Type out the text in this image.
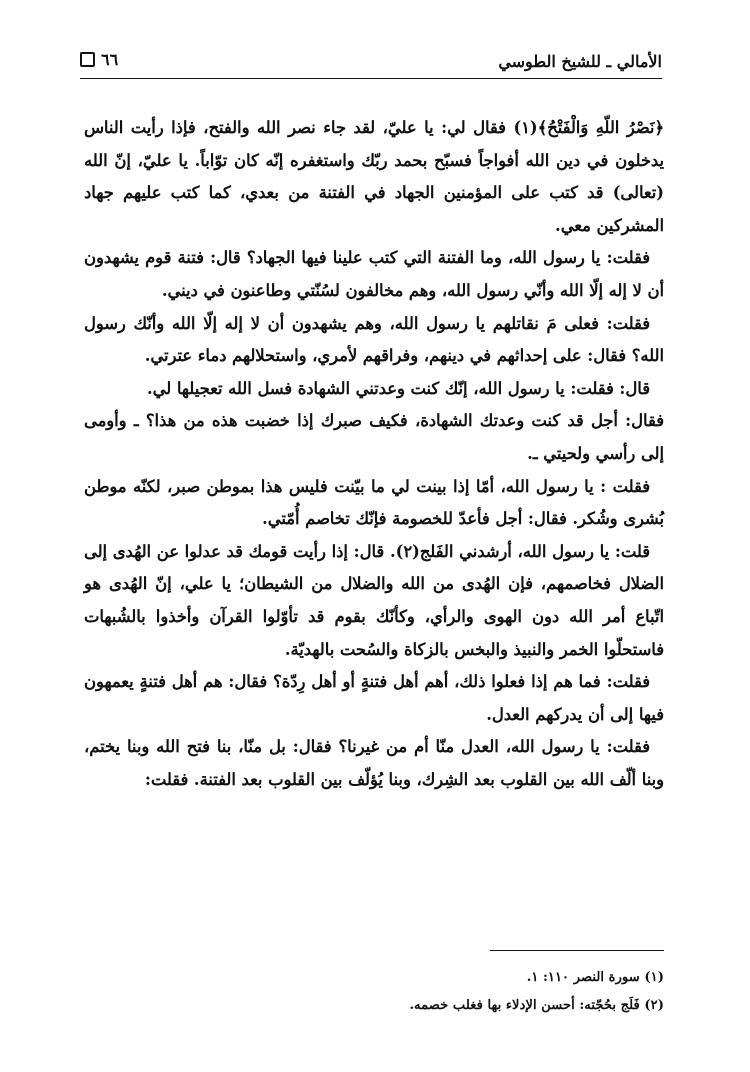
الأمالي ـ للشيخ الطوسي
٦٦

﴿نَصْرُ اللّهِ وَالْفَتْحُ﴾(١) فقال لي: يا عليّ، لقد جاء نصر الله والفتح، فإذا رأيت الناس يدخلون في دين الله أفواجاً فسبّح بحمد ربّك واستغفره إنّه كان توّاباً. يا عليّ، إنّ الله (تعالى) قد كتب على المؤمنين الجهاد في الفتنة من بعدي، كما كتب عليهم جهاد المشركين معي.

فقلت: يا رسول الله، وما الفتنة التي كتب علينا فيها الجهاد؟ قال: فتنة قوم يشهدون أن لا إله إلّا الله وأنّي رسول الله، وهم مخالفون لسُنّتي وطاعنون في ديني.

فقلت: فعلى مَ نقاتلهم يا رسول الله، وهم يشهدون أن لا إله إلّا الله وأنّك رسول الله؟ فقال: على إحداثهم في دينهم، وفراقهم لأمري، واستحلالهم دماء عترتي.

قال: فقلت: يا رسول الله، إنّك كنت وعدتني الشهادة فسل الله تعجيلها لي.

فقال: أجل قد كنت وعدتك الشهادة، فكيف صبرك إذا خضبت هذه من هذا؟ ـ وأومى إلى رأسي ولحيتي ـ.

فقلت : يا رسول الله، أمّا إذا بينت لي ما بيّنت فليس هذا بموطن صبر، لكنّه موطن بُشرى وشُكر. فقال: أجل فأعدّ للخصومة فإنّك تخاصم أُمّتي.

قلت: يا رسول الله، أرشدني الفَلج(٢). قال: إذا رأيت قومك قد عدلوا عن الهُدى إلى الضلال فخاصمهم، فإن الهُدى من الله والضلال من الشيطان؛ يا علي، إنّ الهُدى هو اتّباع أمر الله دون الهوى والرأي، وكأنّك بقوم قد تأوّلوا القرآن وأخذوا بالشُبهات فاستحلّوا الخمر والنبيذ والبخس بالزكاة والسُحت بالهديّة.

فقلت: فما هم إذا فعلوا ذلك، أهم أهل فتنةٍ أو أهل رِدّة؟ فقال: هم أهل فتنةٍ يعمهون فيها إلى أن يدركهم العدل.

فقلت: يا رسول الله، العدل منّا أم من غيرنا؟ فقال: بل منّا، بنا فتح الله وبنا يختم، وبنا ألّف الله بين القلوب بعد الشِرك، وبنا يُؤلّف بين القلوب بعد الفتنة. فقلت:

(١) سورة النصر ١١٠: ١.

(٢) فَلَج بحُجّته: أحسن الإدلاء بها فغلب خصمه.
